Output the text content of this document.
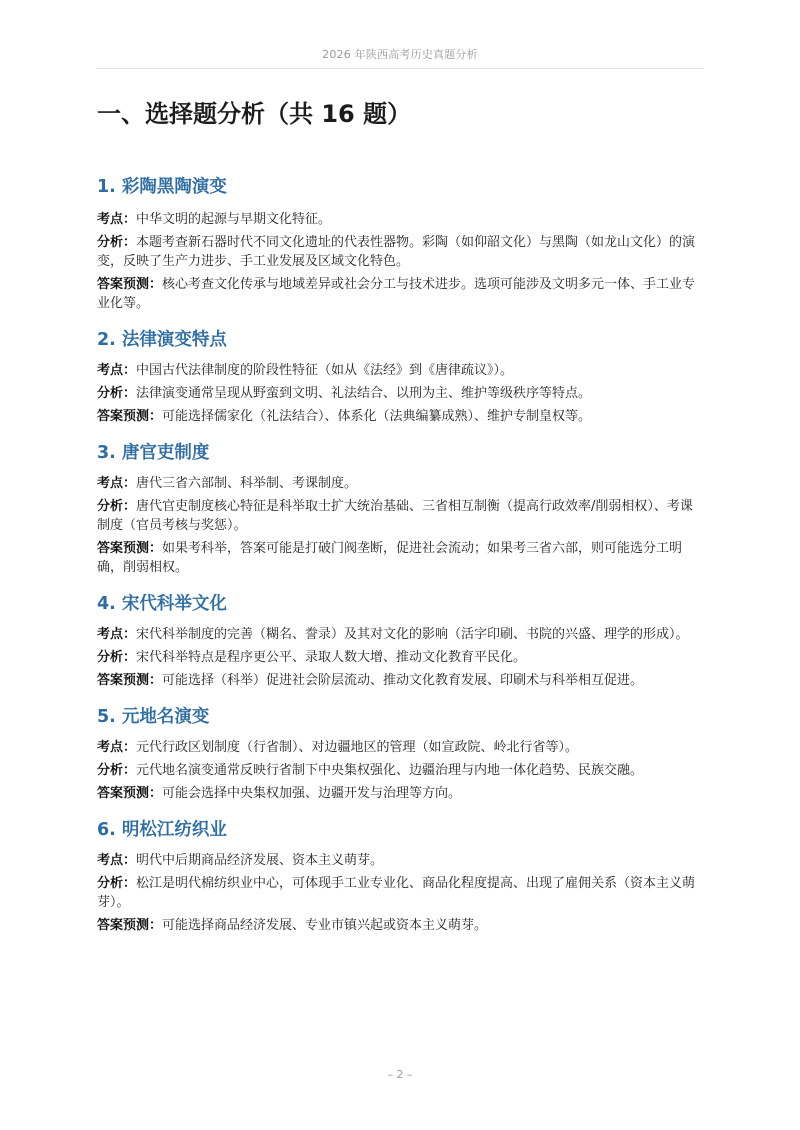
2026 年陕西高考历史真题分析
一、选择题分析（共 16 题）
1. 彩陶黑陶演变

考点：中华文明的起源与早期文化特征。

分析：本题考查新石器时代不同文化遗址的代表性器物。彩陶（如仰韶文化）与黑陶（如龙山文化）的演变，反映了生产力进步、手工业发展及区域文化特色。

答案预测：核心考查文化传承与地域差异或社会分工与技术进步。选项可能涉及文明多元一体、手工业专业化等。

2. 法律演变特点

考点：中国古代法律制度的阶段性特征（如从《法经》到《唐律疏议》）。

分析：法律演变通常呈现从野蛮到文明、礼法结合、以刑为主、维护等级秩序等特点。

答案预测：可能选择儒家化（礼法结合）、体系化（法典编纂成熟）、维护专制皇权等。

3. 唐官吏制度

考点：唐代三省六部制、科举制、考课制度。

分析：唐代官吏制度核心特征是科举取士扩大统治基础、三省相互制衡（提高行政效率/削弱相权）、考课制度（官员考核与奖惩）。

答案预测：如果考科举，答案可能是打破门阀垄断，促进社会流动；如果考三省六部，则可能选分工明确，削弱相权。

4. 宋代科举文化

考点：宋代科举制度的完善（糊名、誊录）及其对文化的影响（活字印刷、书院的兴盛、理学的形成）。

分析：宋代科举特点是程序更公平、录取人数大增、推动文化教育平民化。

答案预测：可能选择（科举）促进社会阶层流动、推动文化教育发展、印刷术与科举相互促进。

5. 元地名演变

考点：元代行政区划制度（行省制）、对边疆地区的管理（如宣政院、岭北行省等）。

分析：元代地名演变通常反映行省制下中央集权强化、边疆治理与内地一体化趋势、民族交融。

答案预测：可能会选择中央集权加强、边疆开发与治理等方向。

6. 明松江纺织业

考点：明代中后期商品经济发展、资本主义萌芽。

分析：松江是明代棉纺织业中心，可体现手工业专业化、商品化程度提高、出现了雇佣关系（资本主义萌芽）。

答案预测：可能选择商品经济发展、专业市镇兴起或资本主义萌芽。

– 2 –
